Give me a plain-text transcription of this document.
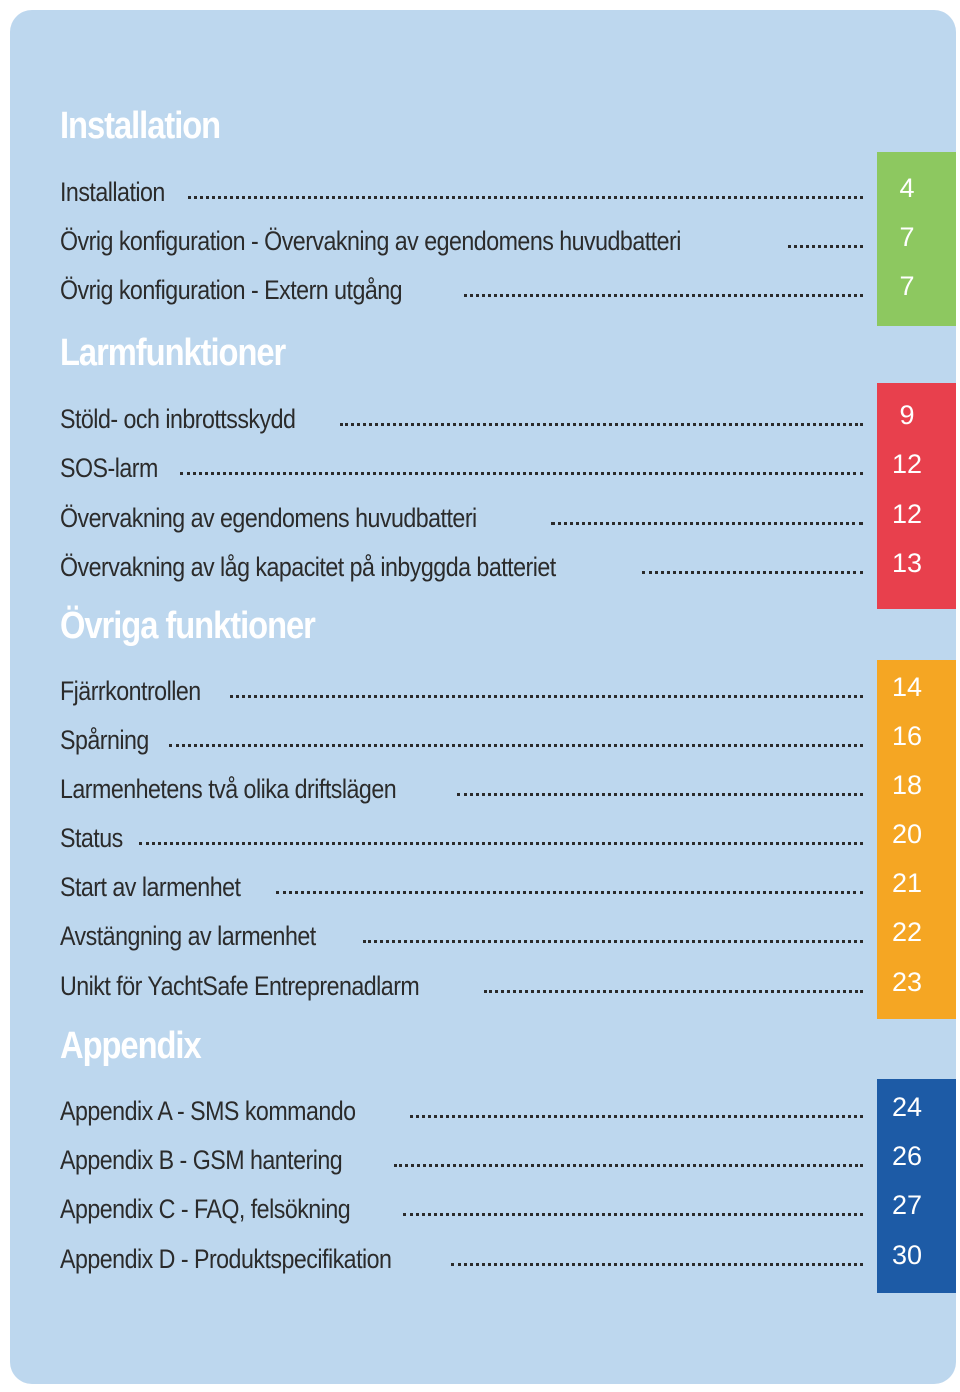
Installation
Installation	4
Övrig konfiguration - Övervakning av egendomens huvudbatteri	7
Övrig konfiguration - Extern utgång	7
Larmfunktioner
Stöld- och inbrottsskydd	9
SOS-larm	12
Övervakning av egendomens huvudbatteri	12
Övervakning av låg kapacitet på inbyggda batteriet	13
Övriga funktioner
Fjärrkontrollen	14
Spårning	16
Larmenhetens två olika driftslägen	18
Status	20
Start av larmenhet	21
Avstängning av larmenhet	22
Unikt för YachtSafe Entreprenadlarm	23
Appendix
Appendix A - SMS kommando	24
Appendix B - GSM hantering	26
Appendix C - FAQ, felsökning	27
Appendix D - Produktspecifikation	30
